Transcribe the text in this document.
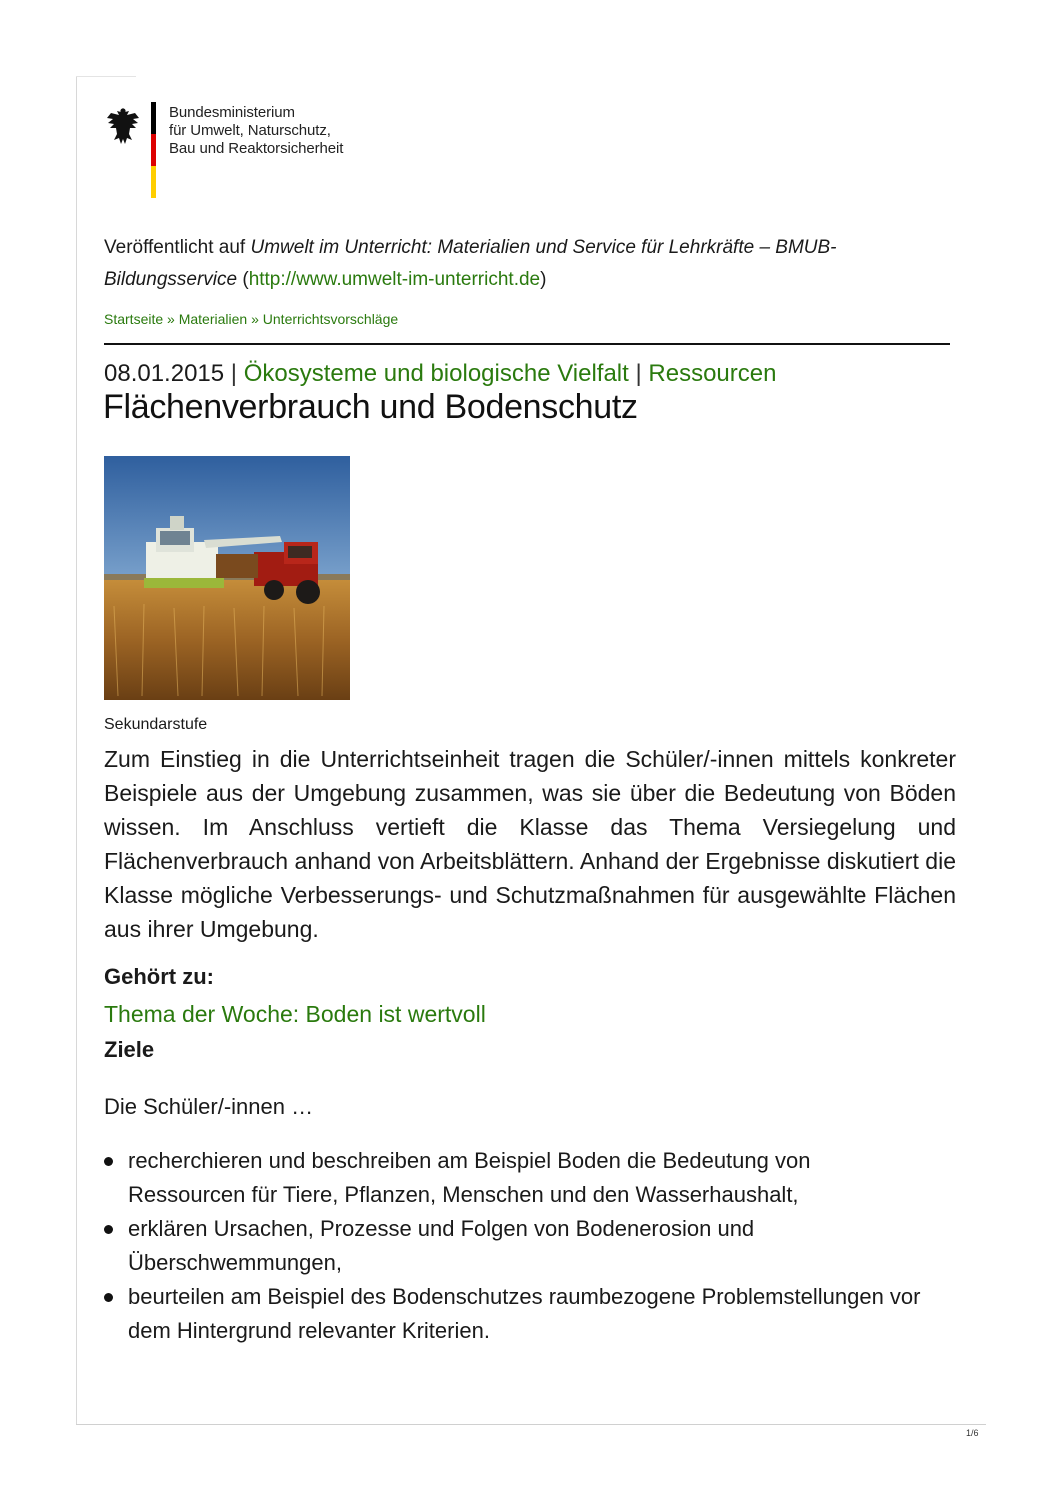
Bundesministerium
für Umwelt, Naturschutz,
Bau und Reaktorsicherheit
Veröffentlicht auf Umwelt im Unterricht: Materialien und Service für Lehrkräfte – BMUB-Bildungsservice (http://www.umwelt-im-unterricht.de)
Startseite » Materialien » Unterrichtsvorschläge
08.01.2015 | Ökosysteme und biologische Vielfalt | Ressourcen
Flächenverbrauch und Bodenschutz
Sekundarstufe

Zum Einstieg in die Unterrichtseinheit tragen die Schüler/-innen mittels konkreter Beispiele aus der Umgebung zusammen, was sie über die Bedeutung von Böden wissen. Im Anschluss vertieft die Klasse das Thema Versiegelung und Flächenverbrauch anhand von Arbeitsblättern. Anhand der Ergebnisse diskutiert die Klasse mögliche Verbesserungs- und Schutzmaßnahmen für ausgewählte Flächen aus ihrer Umgebung.

Gehört zu:
Thema der Woche: Boden ist wertvoll
Ziele
Die Schüler/-innen …
recherchieren und beschreiben am Beispiel Boden die Bedeutung von Ressourcen für Tiere, Pflanzen, Menschen und den Wasserhaushalt,
erklären Ursachen, Prozesse und Folgen von Bodenerosion und Überschwemmungen,
beurteilen am Beispiel des Bodenschutzes raumbezogene Problemstellungen vor dem Hintergrund relevanter Kriterien.
1/6
